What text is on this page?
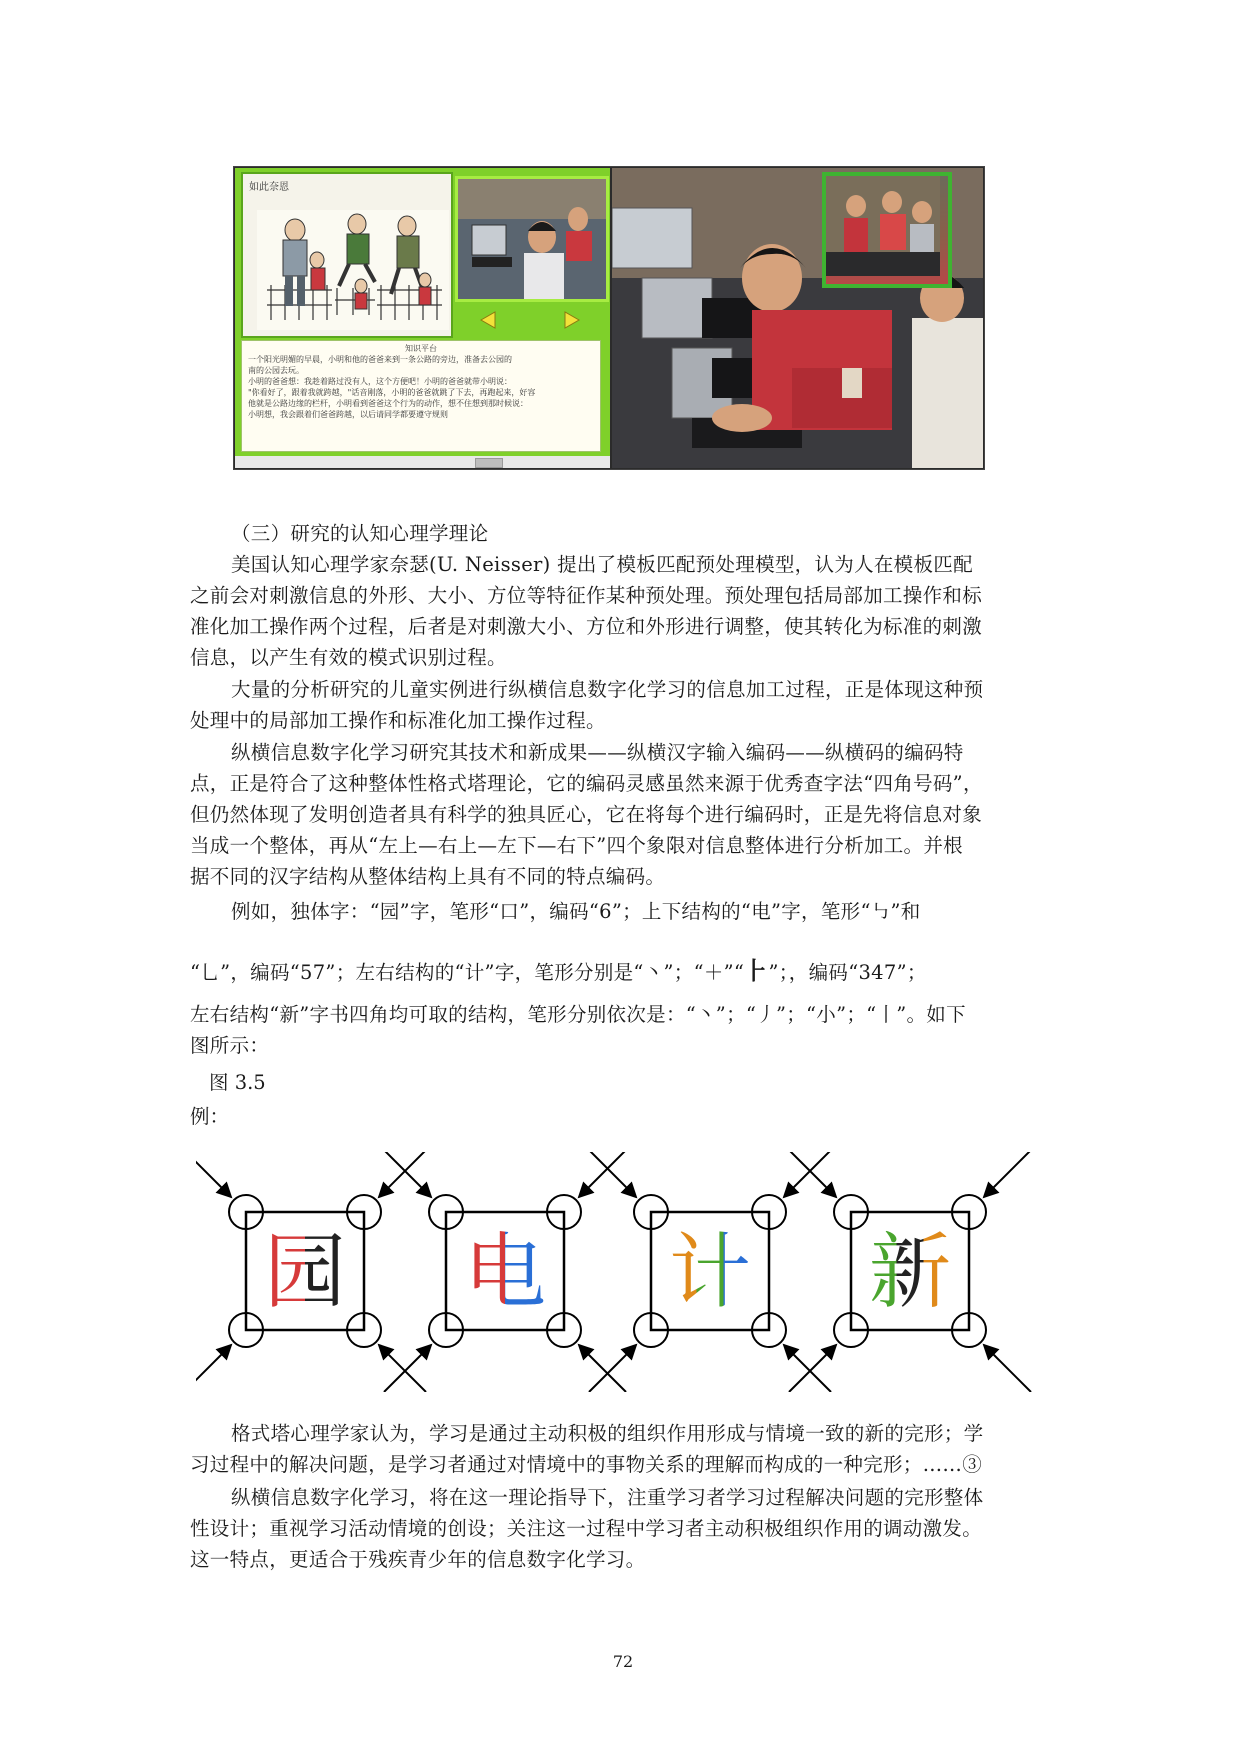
如此奈恩
知识平台
一个阳光明媚的早晨，小明和他的爸爸来到一条公路的旁边，准备去公园的
南的公园去玩。
小明的爸爸想：我趁着路过没有人，这个方便吧！小明的爸爸就带小明说：
"你看好了，跟着我就跨越，"话音刚落，小明的爸爸就跳了下去，再跑起来，好容
他就是公路边缘的栏杆，小明看到爸爸这个行为的动作，想不住想到那时候说：
小明想，我会跟着们爸爸跨越，以后请同学都要遵守规则
（三）研究的认知心理学理论
美国认知心理学家奈瑟(U. Neisser) 提出了模板匹配预处理模型，认为人在模板匹配
之前会对刺激信息的外形、大小、方位等特征作某种预处理。预处理包括局部加工操作和标
准化加工操作两个过程，后者是对刺激大小、方位和外形进行调整，使其转化为标准的刺激
信息，以产生有效的模式识别过程。
大量的分析研究的儿童实例进行纵横信息数字化学习的信息加工过程，正是体现这种预
处理中的局部加工操作和标准化加工操作过程。
纵横信息数字化学习研究其技术和新成果——纵横汉字输入编码——纵横码的编码特
点，正是符合了这种整体性格式塔理论，它的编码灵感虽然来源于优秀查字法“四角号码”，
但仍然体现了发明创造者具有科学的独具匠心，它在将每个进行编码时，正是先将信息对象
当成一个整体，再从“左上—右上—左下—右下”四个象限对信息整体进行分析加工。并根
据不同的汉字结构从整体结构上具有不同的特点编码。
例如，独体字：“园”字，笔形“口”，编码“6”；上下结构的“电”字，笔形“㇉”和
“乚”，编码“57”；左右结构的“计”字，笔形分别是“丶”；“＋”“⺊”；，编码“347”；
左右结构“新”字书四角均可取的结构，笔形分别依次是：“丶”；“丿”；“小”；“丨”。如下
图所示：
图 3.5
例：
园 电 计 新
格式塔心理学家认为，学习是通过主动积极的组织作用形成与情境一致的新的完形；学
习过程中的解决问题，是学习者通过对情境中的事物关系的理解而构成的一种完形；……③
纵横信息数字化学习，将在这一理论指导下，注重学习者学习过程解决问题的完形整体
性设计；重视学习活动情境的创设；关注这一过程中学习者主动积极组织作用的调动激发。
这一特点，更适合于残疾青少年的信息数字化学习。
72
